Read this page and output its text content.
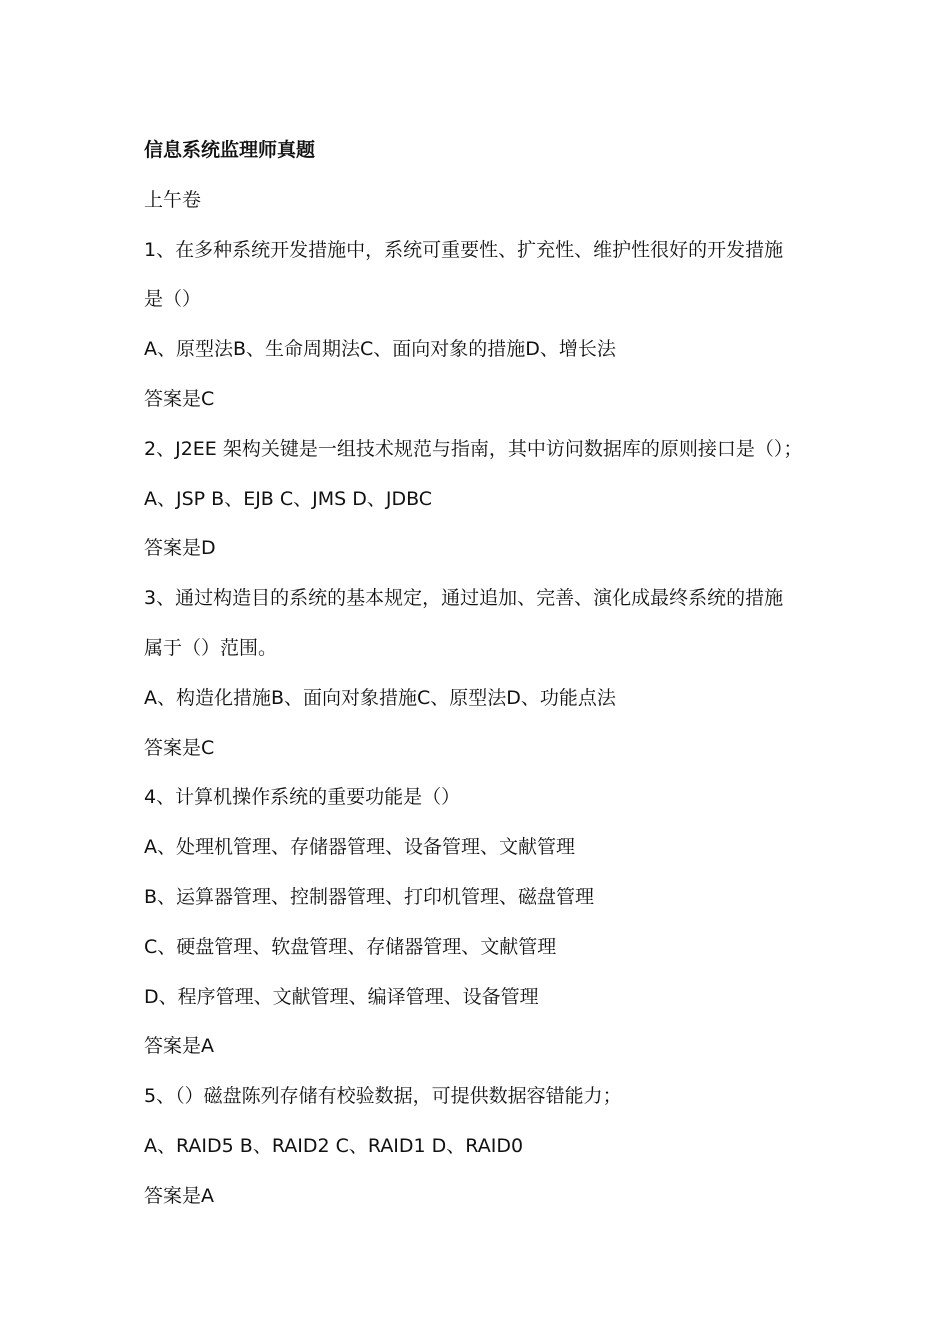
信息系统监理师真题
上午卷
1、在多种系统开发措施中，系统可重要性、扩充性、维护性很好的开发措施
是（）
A、原型法B、生命周期法C、面向对象的措施D、增长法
答案是C
2、J2EE 架构关键是一组技术规范与指南，其中访问数据库的原则接口是（）；
A、JSP B、EJB C、JMS D、JDBC
答案是D
3、通过构造目的系统的基本规定，通过追加、完善、演化成最终系统的措施
属于（）范围。
A、构造化措施B、面向对象措施C、原型法D、功能点法
答案是C
4、计算机操作系统的重要功能是（）
A、处理机管理、存储器管理、设备管理、文献管理
B、运算器管理、控制器管理、打印机管理、磁盘管理
C、硬盘管理、软盘管理、存储器管理、文献管理
D、程序管理、文献管理、编译管理、设备管理
答案是A
5、（）磁盘陈列存储有校验数据，可提供数据容错能力；
A、RAID5 B、RAID2 C、RAID1 D、RAID0
答案是A
